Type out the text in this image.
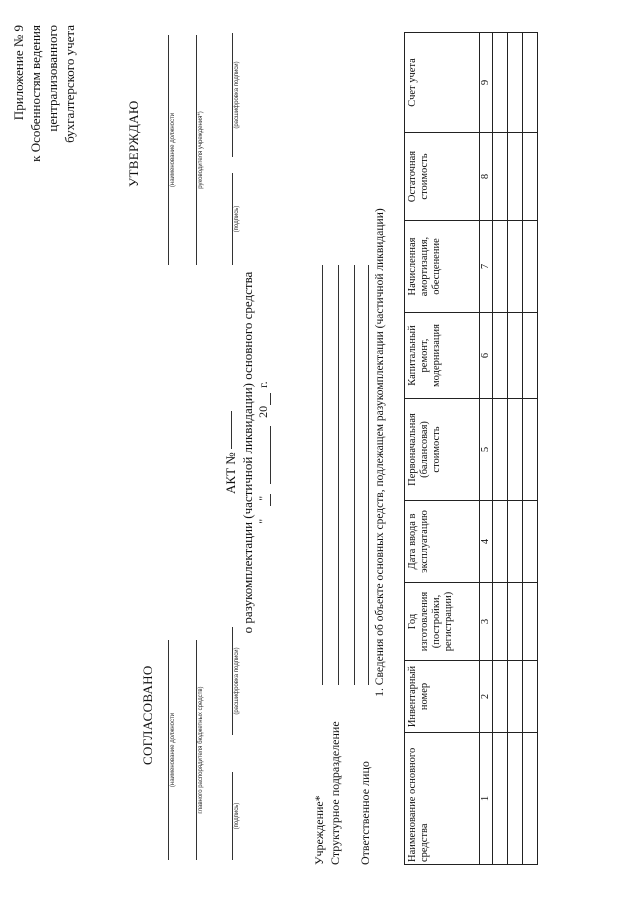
Приложение № 9 к Особенностям ведения централизованного бухгалтерского учета
СОГЛАСОВАНО	(наименование должности	главного распорядителя бюджетных средств)
(подпись)
(расшифровка подписи)
УТВЕРЖДАЮ	(наименование должности	руководителя учреждения*)
(подпись)
(расшифровка подписи)
АКТ № о разукомплектации (частичной ликвидации) основного средства "      "                          20      г.
Учреждение* Структурное подразделение Ответственное лицо
1. Сведения об объекте основных средств, подлежащем разукомплектации (частичной ликвидации)
Наименование основного средства	Инвентарный номер	Год изготовления (постройки, регистрации)	Дата ввода в эксплуатацию	Первоначальная (балансовая) стоимость	Капитальный ремонт, модернизация	Начисленная амортизация, обесценение	Остаточная стоимость	Счет учета
1	2	3	4	5	6	7	8	9
